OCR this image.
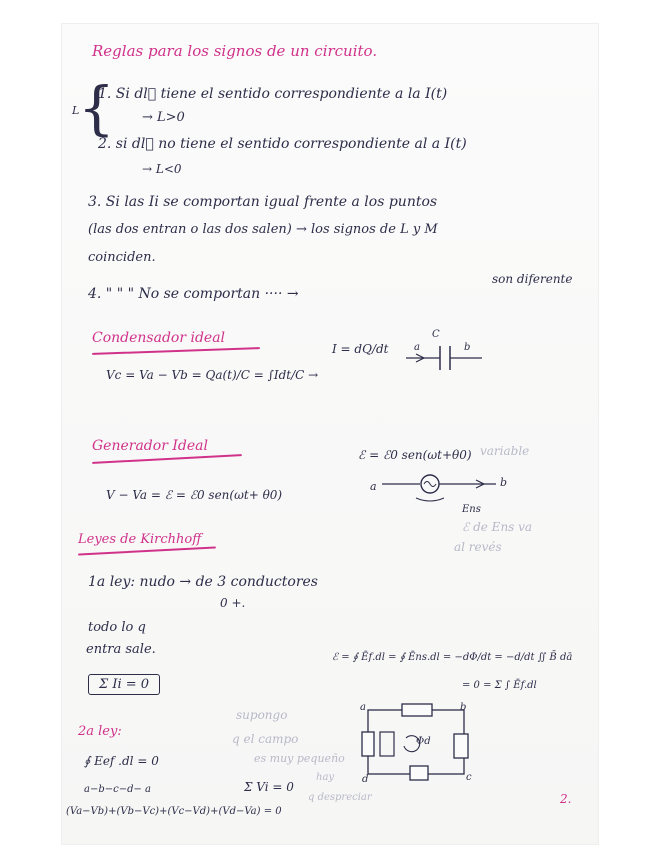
Reglas para los signos de un circuito.
L
{
1. Si dl⃗ tiene el sentido correspondiente a la I(t)
→ L>0
2. si dl⃗ no tiene el sentido correspondiente al a I(t)
→ L<0
3. Si las Ii se comportan igual frente a los puntos
(las dos entran o las dos salen) → los signos de L y M
coinciden.
4. " " " No se comportan ···· →
son diferente
Condensador ideal
Vc = Va − Vb = Qa(t)/C = ∫Idt/C →
I = dQ/dt
C
a	b
Generador Ideal
ℰ = ℰ0 sen(ωt+θ0) variable
V − Va = ℰ = ℰ0 sen(ωt+ θ0)
a	b
Ens
ℰ de Ens va
al revés
Leyes de Kirchhoff
1a ley: nudo → de 3 conductores
0 +.
todo lo q
entra sale.
Σ Ii = 0
ℰ = ∮ Ē𝑓.dl = ∮ Ēns.dl = −dΦ/dt = −d/dt ∬ B̄ dā
= 0 = Σ ∫ Ēf.dl
2a ley:
supongo
q el campo
es muy pequeño
∮ Eef .dl = 0
a−b−c−d− a	Σ Vi = 0
hay
q despreciar
(Va−Vb)+(Vb−Vc)+(Vc−Vd)+(Vd−Va) = 0
a	b
c
d
Φd
2.
